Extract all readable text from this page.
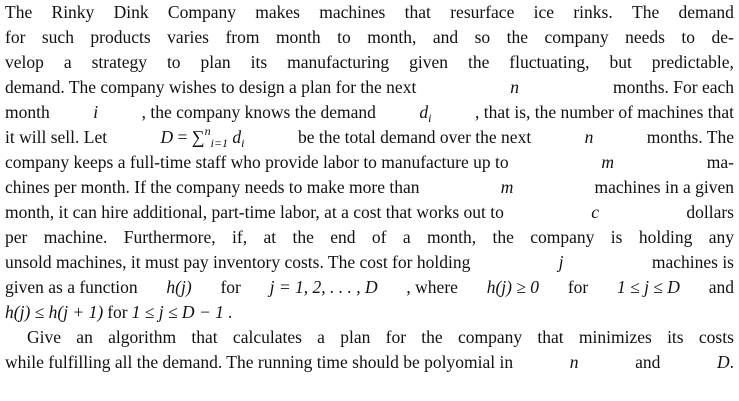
The Rinky Dink Company makes machines that resurface ice rinks. The demand
for such products varies from month to month, and so the company needs to de-
velop a strategy to plan its manufacturing given the fluctuating, but predictable,
demand. The company wishes to design a plan for the next	n	months. For each
month i , the company knows the demand $d_i$ , that is, the number of machines that
it will sell. Let	D = ∑$^n_{i=1}$ $d_i$	be the total demand over the next	n	months. The
company keeps a full-time staff who provide labor to manufacture up to	m	ma-
chines per month. If the company needs to make more than	m	machines in a given
month, it can hire additional, part-time labor, at a cost that works out to	c	dollars
per machine. Furthermore, if, at the end of a month, the company is holding any
unsold machines, it must pay inventory costs. The cost for holding	j	machines is
given as a function h(j) for j = 1, 2, . . . , D , where h(j) ≥ 0 for 1 ≤ j ≤ D and
h(j) ≤ h(j + 1) for 1 ≤ j ≤ D − 1 .
Give an algorithm that calculates a plan for the company that minimizes its costs
while fulfilling all the demand. The running time should be polyomial in	n	and	D.
